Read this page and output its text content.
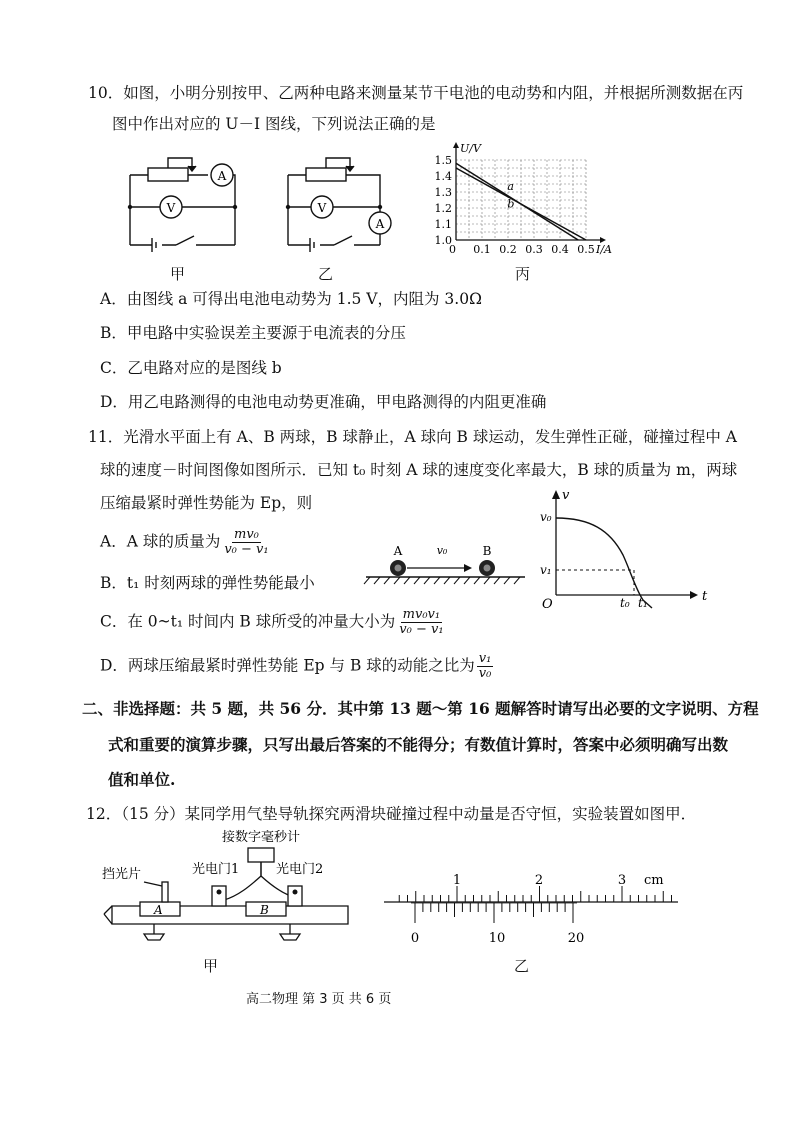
10．如图，小明分别按甲、乙两种电路来测量某节干电池的电动势和内阻，并根据所测数据在丙
图中作出对应的 U－I 图线，下列说法正确的是
A
V	V
A
U/V
I/A
1.0
1.1
1.2
1.3
1.4
1.5
0 0.1 0.2 0.3 0.4 0.5
a
b
甲	乙	丙
A．由图线 a 可得出电池电动势为 1.5 V，内阻为 3.0Ω
B．甲电路中实验误差主要源于电流表的分压
C．乙电路对应的是图线 b
D．用乙电路测得的电池电动势更准确，甲电路测得的内阻更准确
11．光滑水平面上有 A、B 两球，B 球静止，A 球向 B 球运动，发生弹性正碰，碰撞过程中 A
球的速度－时间图像如图所示．已知 t₀ 时刻 A 球的速度变化率最大，B 球的质量为 m，两球
压缩最紧时弹性势能为 Ep，则
A．A 球的质量为 $\frac{\text{mv₀}}{\text{v₀ − v₁}}$
B．t₁ 时刻两球的弹性势能最小
C．在 0~t₁ 时间内 B 球所受的冲量大小为 $\frac{\text{mv₀v₁}}{\text{v₀ − v₁}}$
D．两球压缩最紧时弹性势能 Ep 与 B 球的动能之比为 $\frac{\text{v₁}}{\text{v₀}}$
A	B
v₀
v
t
v₀
v₁
O	t₀ t₁
二、非选择题：共 5 题，共 56 分．其中第 13 题～第 16 题解答时请写出必要的文字说明、方程
式和重要的演算步骤，只写出最后答案的不能得分；有数值计算时，答案中必须明确写出数
值和单位.
12．（15 分）某同学用气垫导轨探究两滑块碰撞过程中动量是否守恒，实验装置如图甲．
接数字毫秒计
挡光片	光电门1	光电门2
A	B
甲
1	2	3 cm
0	10	20
乙
高二物理 第 3 页 共 6 页
